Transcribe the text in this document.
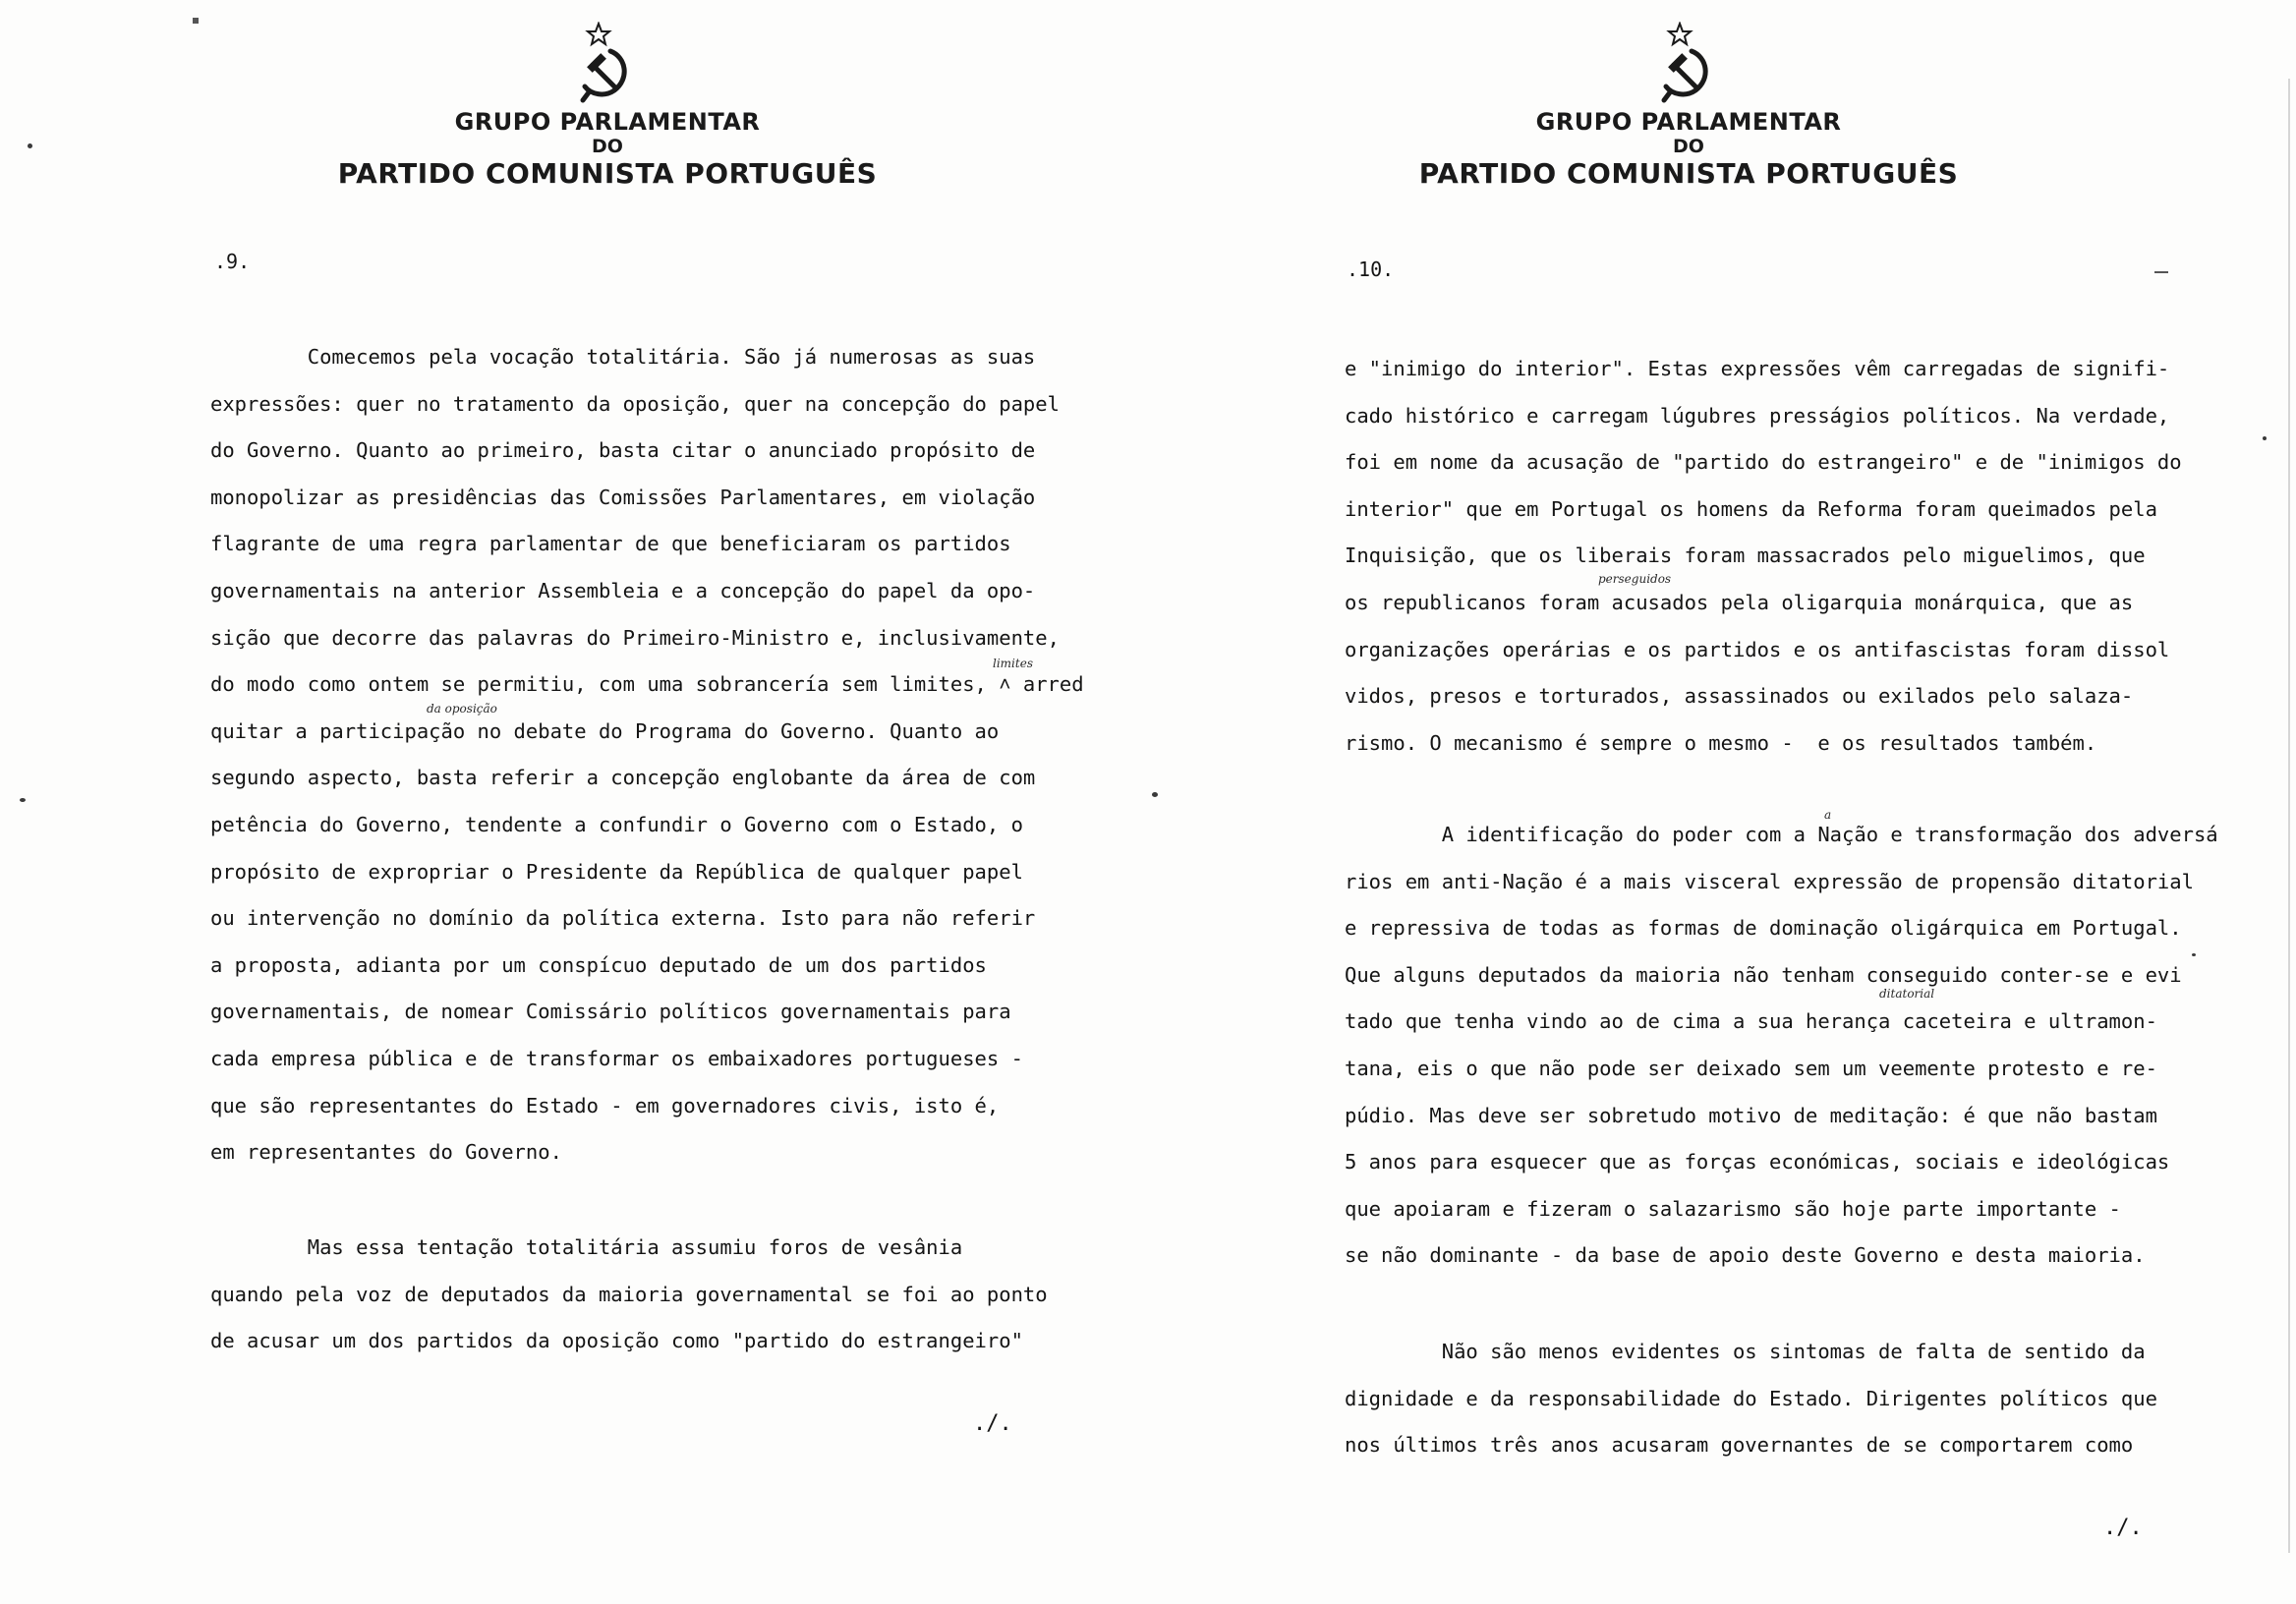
GRUPO PARLAMENTAR
DO
PARTIDO COMUNISTA PORTUGUÊS
.9.
Comecemos pela vocação totalitária. São já numerosas as suas
expressões: quer no tratamento da oposição, quer na concepção do papel
do Governo. Quanto ao primeiro, basta citar o anunciado propósito de
monopolizar as presidências das Comissões Parlamentares, em violação
flagrante de uma regra parlamentar de que beneficiaram os partidos
governamentais na anterior Assembleia e a concepção do papel da opo-
sição que decorre das palavras do Primeiro-Ministro e, inclusivamente,
do modo como ontem se permitiu, com uma sobrancería sem limites, ˄ arred
quitar a participação no debate do Programa do Governo. Quanto ao
segundo aspecto, basta referir a concepção englobante da área de com
petência do Governo, tendente a confundir o Governo com o Estado, o
propósito de expropriar o Presidente da República de qualquer papel
ou intervenção no domínio da política externa. Isto para não referir
a proposta, adianta por um conspícuo deputado de um dos partidos
governamentais, de nomear Comissário políticos governamentais para
cada empresa pública e de transformar os embaixadores portugueses -
que são representantes do Estado - em governadores civis, isto é,
em representantes do Governo.
Mas essa tentação totalitária assumiu foros de vesânia
quando pela voz de deputados da maioria governamental se foi ao ponto
de acusar um dos partidos da oposição como "partido do estrangeiro"
limites
da oposição
./.
GRUPO PARLAMENTAR
DO
PARTIDO COMUNISTA PORTUGUÊS
.10.
e "inimigo do interior". Estas expressões vêm carregadas de signifi-
cado histórico e carregam lúgubres presságios políticos. Na verdade,
foi em nome da acusação de "partido do estrangeiro" e de "inimigos do
interior" que em Portugal os homens da Reforma foram queimados pela
Inquisição, que os liberais foram massacrados pelo miguelimos, que
os republicanos foram acusados pela oligarquia monárquica, que as
organizações operárias e os partidos e os antifascistas foram dissol
vidos, presos e torturados, assassinados ou exilados pelo salaza-
rismo. O mecanismo é sempre o mesmo -  e os resultados também.
A identificação do poder com a Nação e transformação dos adversá
rios em anti-Nação é a mais visceral expressão de propensão ditatorial
e repressiva de todas as formas de dominação oligárquica em Portugal.
Que alguns deputados da maioria não tenham conseguido conter-se e evi
tado que tenha vindo ao de cima a sua herança caceteira e ultramon-
tana, eis o que não pode ser deixado sem um veemente protesto e re-
púdio. Mas deve ser sobretudo motivo de meditação: é que não bastam
5 anos para esquecer que as forças económicas, sociais e ideológicas
que apoiaram e fizeram o salazarismo são hoje parte importante -
se não dominante - da base de apoio deste Governo e desta maioria.
Não são menos evidentes os sintomas de falta de sentido da
dignidade e da responsabilidade do Estado. Dirigentes políticos que
nos últimos três anos acusaram governantes de se comportarem como
perseguidos
a
ditatorial
./.
